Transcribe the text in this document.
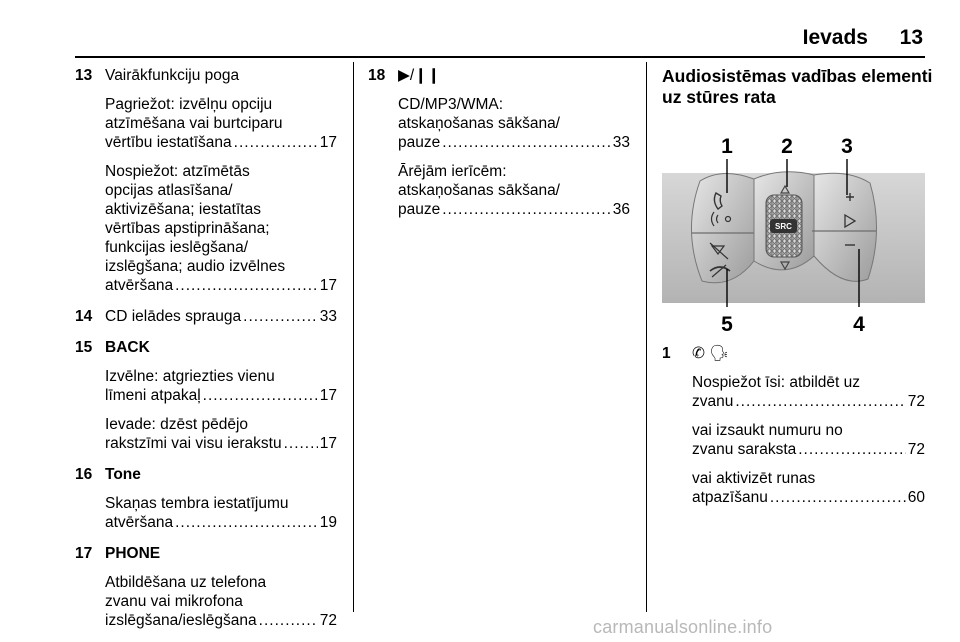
Ievads 13
13 Vairākfunkciju poga
Pagriežot: izvēlņu opciju
atzīmēšana vai burtciparu
vērtību iestatīšana .....	17
Nospiežot: atzīmētās
opcijas atlasīšana/
aktivizēšana; iestatītas
vērtības apstiprināšana;
funkcijas ieslēgšana/
izslēgšana; audio izvēlnes
atvēršana .....	17
14 CD ielādes sprauga .....	33
15 BACK
Izvēlne: atgriezties vienu
līmeni atpakaļ .....	17
Ievade: dzēst pēdējo
rakstzīmi vai visu ierakstu ..... 17
16 Tone
Skaņas tembra iestatījumu
atvēršana .....	19
17 PHONE
Atbildēšana uz telefona
zvanu vai mikrofona
izslēgšana/ieslēgšana .....	72
18 ▶/❙❙
CD/MP3/WMA:
atskaņošanas sākšana/
pauze .....	33
Ārējām ierīcēm:
atskaņošanas sākšana/
pauze .....	36
Audiosistēmas vadības elementi
uz stūres rata
SRC
1 2 3
4
5
1	✆ 🗣
Nospiežot īsi: atbildēt uz
zvanu .....	72
vai izsaukt numuru no
zvanu saraksta .....	72
vai aktivizēt runas
atpazīšanu .....	60
carmanualsonline.info
